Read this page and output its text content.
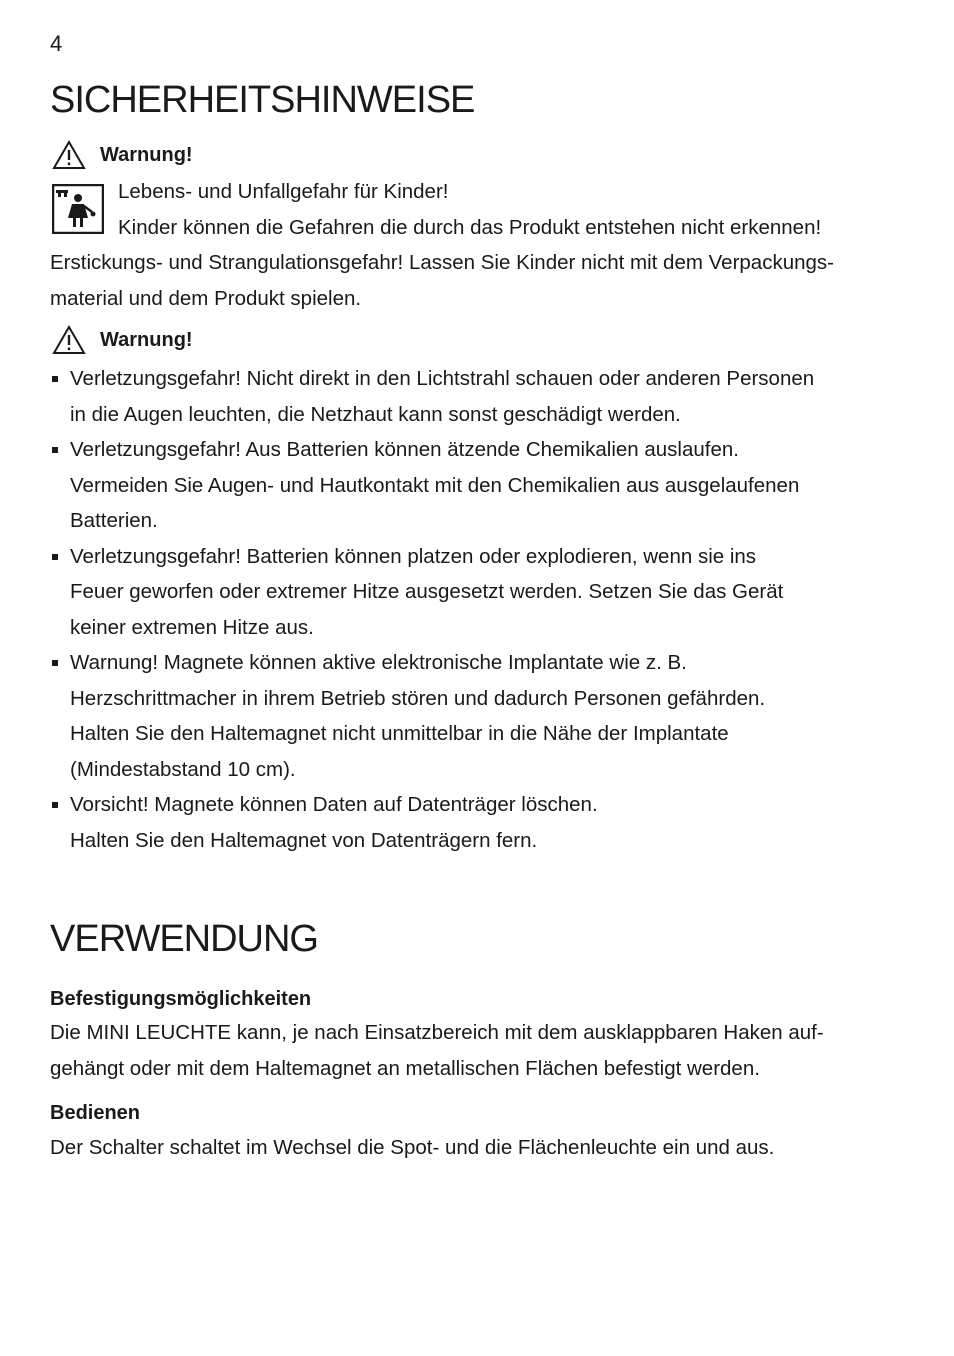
4
SICHERHEITSHINWEISE
Warnung!
Lebens- und Unfallgefahr für Kinder!
Kinder können die Gefahren die durch das Produkt entstehen nicht erkennen!
Erstickungs- und Strangulationsgefahr! Lassen Sie Kinder nicht mit dem Verpackungs-
material und dem Produkt spielen.
Warnung!
Verletzungsgefahr! Nicht direkt in den Lichtstrahl schauen oder anderen Personen
in die Augen leuchten, die Netzhaut kann sonst geschädigt werden.
Verletzungsgefahr! Aus Batterien können ätzende Chemikalien auslaufen.
Vermeiden Sie Augen- und Hautkontakt mit den Chemikalien aus ausgelaufenen
Batterien.
Verletzungsgefahr! Batterien können platzen oder explodieren, wenn sie ins
Feuer geworfen oder extremer Hitze ausgesetzt werden. Setzen Sie das Gerät
keiner extremen Hitze aus.
Warnung! Magnete können aktive elektronische Implantate wie z. B.
Herzschrittmacher in ihrem Betrieb stören und dadurch Personen gefährden.
Halten Sie den Haltemagnet nicht unmittelbar in die Nähe der Implantate
(Mindestabstand 10 cm).
Vorsicht! Magnete können Daten auf Datenträger löschen.
Halten Sie den Haltemagnet von Datenträgern fern.
VERWENDUNG
Befestigungsmöglichkeiten
Die MINI LEUCHTE kann, je nach Einsatzbereich mit dem ausklappbaren Haken auf-
gehängt oder mit dem Haltemagnet an metallischen Flächen befestigt werden.
Bedienen
Der Schalter schaltet im Wechsel die Spot- und die Flächenleuchte ein und aus.
